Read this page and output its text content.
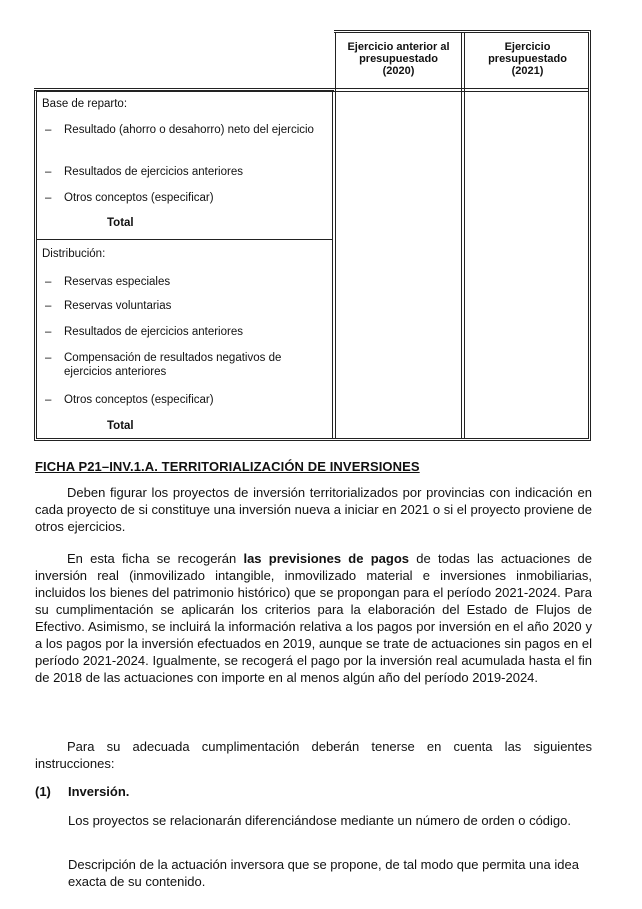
Ejercicio anterior al
presupuestado
(2020)
Ejercicio
presupuestado
(2021)
Base de reparto:
– Resultado (ahorro o desahorro) neto del ejercicio
– Resultados de ejercicios anteriores
– Otros conceptos (especificar)
Total
Distribución:
– Reservas especiales
– Reservas voluntarias
– Resultados de ejercicios anteriores
– Compensación de resultados negativos de ejercicios anteriores
– Otros conceptos (especificar)
Total
FICHA P21–INV.1.A. TERRITORIALIZACIÓN DE INVERSIONES
Deben figurar los proyectos de inversión territorializados por provincias con indicación en cada proyecto de si constituye una inversión nueva a iniciar en 2021 o si el proyecto proviene de otros ejercicios.
En esta ficha se recogerán las previsiones de pagos de todas las actuaciones de inversión real (inmovilizado intangible, inmovilizado material e inversiones inmobiliarias, incluidos los bienes del patrimonio histórico) que se propongan para el período 2021-2024. Para su cumplimentación se aplicarán los criterios para la elaboración del Estado de Flujos de Efectivo. Asimismo, se incluirá la información relativa a los pagos por inversión en el año 2020 y a los pagos por la inversión efectuados en 2019, aunque se trate de actuaciones sin pagos en el período 2021-2024. Igualmente, se recogerá el pago por la inversión real acumulada hasta el fin de 2018 de las actuaciones con importe en al menos algún año del período 2019-2024.
Para su adecuada cumplimentación deberán tenerse en cuenta las siguientes instrucciones:
(1) Inversión.
Los proyectos se relacionarán diferenciándose mediante un número de orden o código.
Descripción de la actuación inversora que se propone, de tal modo que permita una idea exacta de su contenido.
